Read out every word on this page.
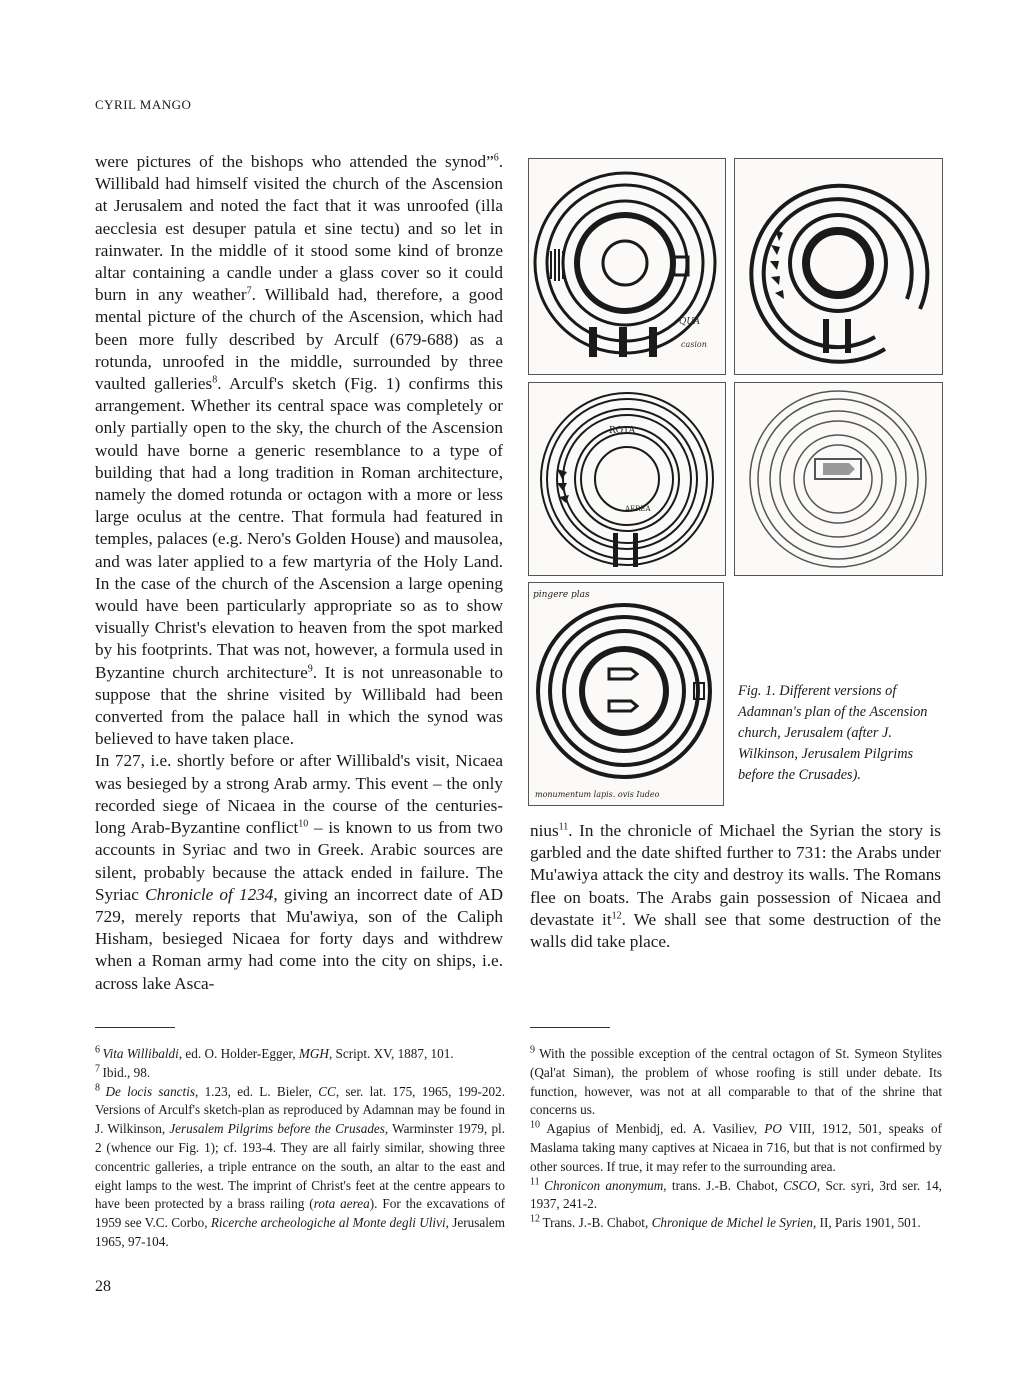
CYRIL MANGO

were pictures of the bishops who attended the synod”$^6$. Willibald had himself visited the church of the Ascension at Jerusalem and noted the fact that it was unroofed (illa aecclesia est desuper patula et sine tectu) and so let in rainwater. In the middle of it stood some kind of bronze altar containing a candle under a glass cover so it could burn in any weather$^7$. Willibald had, therefore, a good mental picture of the church of the Ascension, which had been more fully described by Arculf (679-688) as a rotunda, unroofed in the middle, surrounded by three vaulted galleries$^8$. Arculf's sketch (Fig. 1) confirms this arrangement. Whether its central space was completely or only partially open to the sky, the church of the Ascension would have borne a generic resemblance to a type of building that had a long tradition in Roman architecture, namely the domed rotunda or octagon with a more or less large oculus at the centre. That formula had featured in temples, palaces (e.g. Nero's Golden House) and mausolea, and was later applied to a few martyria of the Holy Land. In the case of the church of the Ascension a large opening would have been particularly appropriate so as to show visually Christ's elevation to heaven from the spot marked by his footprints. That was not, however, a formula used in Byzantine church architecture$^9$. It is not unreasonable to suppose that the shrine visited by Willibald had been converted from the palace hall in which the synod was believed to have taken place.

In 727, i.e. shortly before or after Willibald's visit, Nicaea was besieged by a strong Arab army. This event – the only recorded siege of Nicaea in the course of the centuries-long Arab-Byzantine conflict$^{10}$ – is known to us from two accounts in Syriac and two in Greek. Arabic sources are silent, probably because the attack ended in failure. The Syriac Chronicle of 1234, giving an incorrect date of AD 729, merely reports that Mu'awiya, son of the Caliph Hisham, besieged Nicaea for forty days and withdrew when a Roman army had come into the city on ships, i.e. across lake Asca-

QUA
casion
ROTA
AEREA
pingere plas
monumentum lapis. ovis Iudeo
Fig. 1. Different versions of Adamnan's plan of the Ascension church, Jerusalem (after J. Wilkinson, Jerusalem Pilgrims before the Crusades).

nius$^{11}$. In the chronicle of Michael the Syrian the story is garbled and the date shifted further to 731: the Arabs under Mu'awiya attack the city and destroy its walls. The Romans flee on boats. The Arabs gain possession of Nicaea and devastate $it^{12}$. We shall see that some destruction of the walls did take place.

$^6$ Vita Willibaldi, ed. O. Holder-Egger, MGH, Script. XV, 1887, 101.

$^7$ Ibid., 98.

$^8$ De locis sanctis, 1.23, ed. L. Bieler, CC, ser. lat. 175, 1965, 199-202. Versions of Arculf's sketch-plan as reproduced by Adamnan may be found in J. Wilkinson, Jerusalem Pilgrims before the Crusades, Warminster 1979, pl. 2 (whence our Fig. 1); cf. 193-4. They are all fairly similar, showing three concentric galleries, a triple entrance on the south, an altar to the east and eight lamps to the west. The imprint of Christ's feet at the centre appears to have been protected by a brass railing (rota aerea). For the excavations of 1959 see V.C. Corbo, Ricerche archeologiche al Monte degli Ulivi, Jerusalem 1965, 97-104.

$^9$ With the possible exception of the central octagon of St. Symeon Stylites (Qal'at Siman), the problem of whose roofing is still under debate. Its function, however, was not at all comparable to that of the shrine that concerns us.

$^{10}$ Agapius of Menbidj, ed. A. Vasiliev, PO VIII, 1912, 501, speaks of Maslama taking many captives at Nicaea in 716, but that is not confirmed by other sources. If true, it may refer to the surrounding area.

$^{11}$ Chronicon anonymum, trans. J.-B. Chabot, CSCO, Scr. syri, 3rd ser. 14, 1937, 241-2.

$^{12}$ Trans. J.-B. Chabot, Chronique de Michel le Syrien, II, Paris 1901, 501.

28
